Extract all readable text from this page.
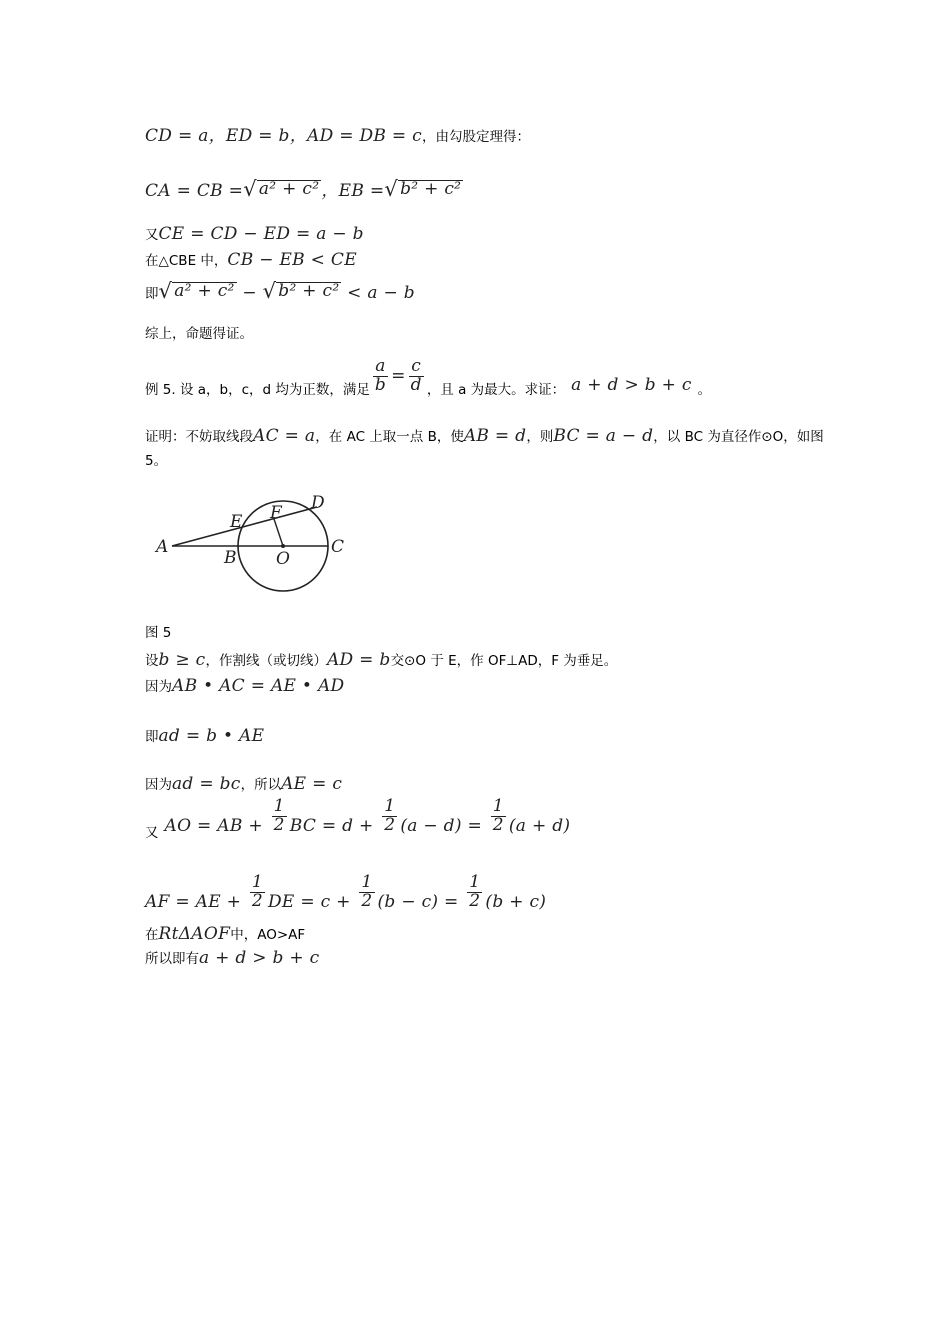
CD = a，ED = b，AD = DB = c ，由勾股定理得：
CA = CB = √ a² + c² ，EB = √ b² + c²
又 CE = CD − ED = a − b
在△CBE 中， CB − EB < CE
即 √ a² + c² − √ b² + c² < a − b
综上，命题得证。
例 5. 设 a，b，c，d 均为正数，满足 $\frac{a}{b} = \frac{c}{d}$ ，且 a 为最大。求证： a + d > b + c 。
证明：不妨取线段 AC = a ，在 AC 上取一点 B，使 AB = d ，则 BC = a − d ，以 BC 为直径作⊙O，如图
5。
A
B O
C
E F D
图 5
设 b ≥ c ，作割线（或切线） AD = b 交⊙O 于 E，作 OF⊥AD，F 为垂足。
因为 AB • AC = AE • AD
即 ad = b • AE
因为 ad = bc ，所以 AE = c
又 AO = AB + $\frac{1}{2}$ BC = $d + \frac{1}{2} (a - d) = \frac{1}{2} (a + d)$
AF = AE + $\frac{1}{2}$ DE = $c + \frac{1}{2} (b - c) = \frac{1}{2} (b + c)$
在 RtΔAOF 中，AO>AF
所以即有 a + d > b + c
